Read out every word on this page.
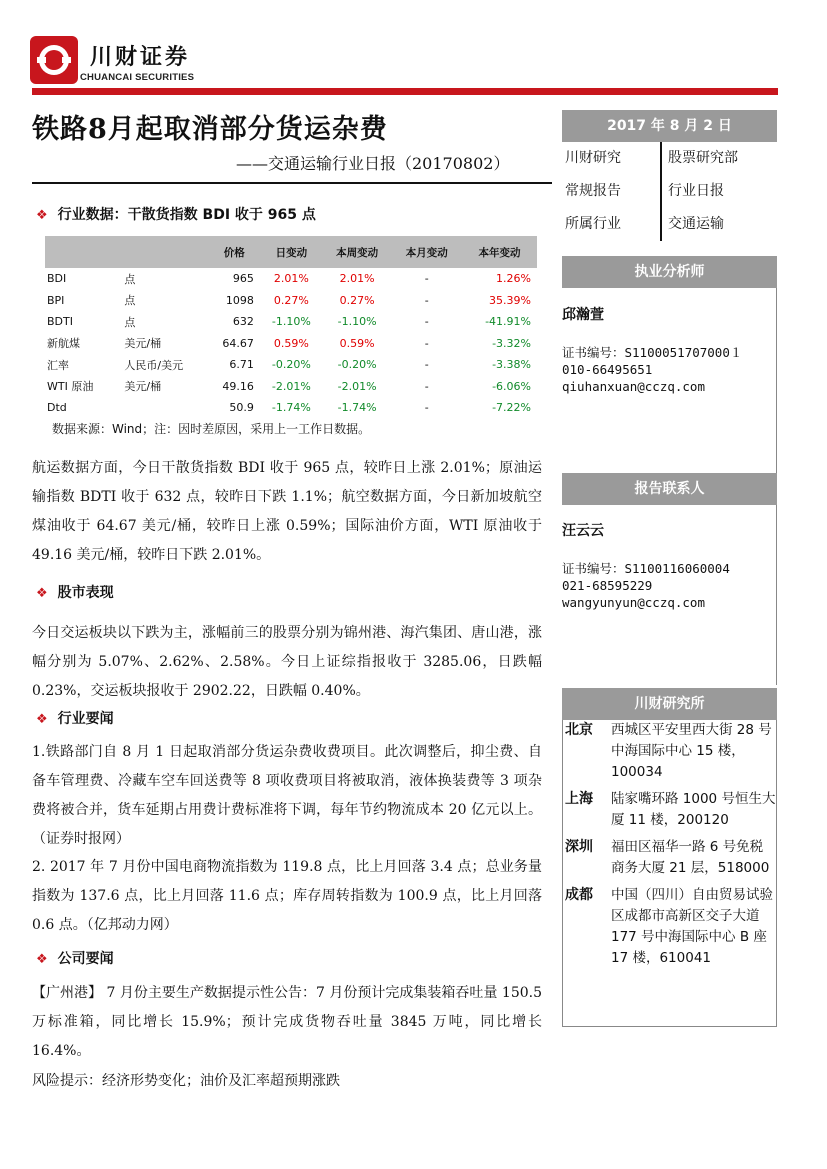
川财证券
CHUANCAI SECURITIES
铁路8月起取消部分货运杂费
——交通运输行业日报（20170802）
❖ 行业数据：干散货指数 BDI 收于 965 点
		价格	日变动	本周变动	本月变动	本年变动
BDI	点	965	2.01%	2.01%	-	1.26%
BPI	点	1098	0.27%	0.27%	-	35.39%
BDTI	点	632	-1.10%	-1.10%	-	-41.91%
新航煤	美元/桶	64.67	0.59%	0.59%	-	-3.32%
汇率	人民币/美元	6.71	-0.20%	-0.20%	-	-3.38%
WTI 原油	美元/桶	49.16	-2.01%	-2.01%	-	-6.06%
Dtd		50.9	-1.74%	-1.74%	-	-7.22%
数据来源：Wind；注：因时差原因，采用上一工作日数据。
航运数据方面，今日干散货指数 BDI 收于 965 点，较昨日上涨 2.01%；原油运输指数 BDTI 收于 632 点，较昨日下跌 1.1%；航空数据方面，今日新加坡航空煤油收于 64.67 美元/桶，较昨日上涨 0.59%；国际油价方面，WTI 原油收于 49.16 美元/桶，较昨日下跌 2.01%。
❖ 股市表现
今日交运板块以下跌为主，涨幅前三的股票分别为锦州港、海汽集团、唐山港，涨幅分别为 5.07%、2.62%、2.58%。今日上证综指报收于 3285.06，日跌幅 0.23%，交运板块报收于 2902.22，日跌幅 0.40%。
❖ 行业要闻
1.铁路部门自 8 月 1 日起取消部分货运杂费收费项目。此次调整后，抑尘费、自备车管理费、冷藏车空车回送费等 8 项收费项目将被取消，液体换装费等 3 项杂费将被合并，货车延期占用费计费标准将下调，每年节约物流成本 20 亿元以上。（证券时报网）
2. 2017 年 7 月份中国电商物流指数为 119.8 点，比上月回落 3.4 点；总业务量指数为 137.6 点，比上月回落 11.6 点；库存周转指数为 100.9 点，比上月回落 0.6 点。（亿邦动力网）
❖ 公司要闻
【广州港】 7 月份主要生产数据提示性公告：7 月份预计完成集装箱吞吐量 150.5 万标准箱，同比增长 15.9%；预计完成货物吞吐量 3845 万吨，同比增长 16.4%。
风险提示：经济形势变化；油价及汇率超预期涨跌
2017 年 8 月 2 日
川财研究	股票研究部
常规报告	行业日报
所属行业	交通运输
执业分析师
邱瀚萱
证书编号：S1100051707000１
010-66495651
qiuhanxuan@cczq.com
报告联系人
汪云云
证书编号：S1100116060004
021-68595229
wangyunyun@cczq.com
川财研究所
北京 西城区平安里西大街 28 号中海国际中心 15 楼，100034
上海 陆家嘴环路 1000 号恒生大厦 11 楼，200120
深圳 福田区福华一路 6 号免税商务大厦 21 层，518000
成都 中国（四川）自由贸易试验区成都市高新区交子大道 177 号中海国际中心 B 座 17 楼，610041
